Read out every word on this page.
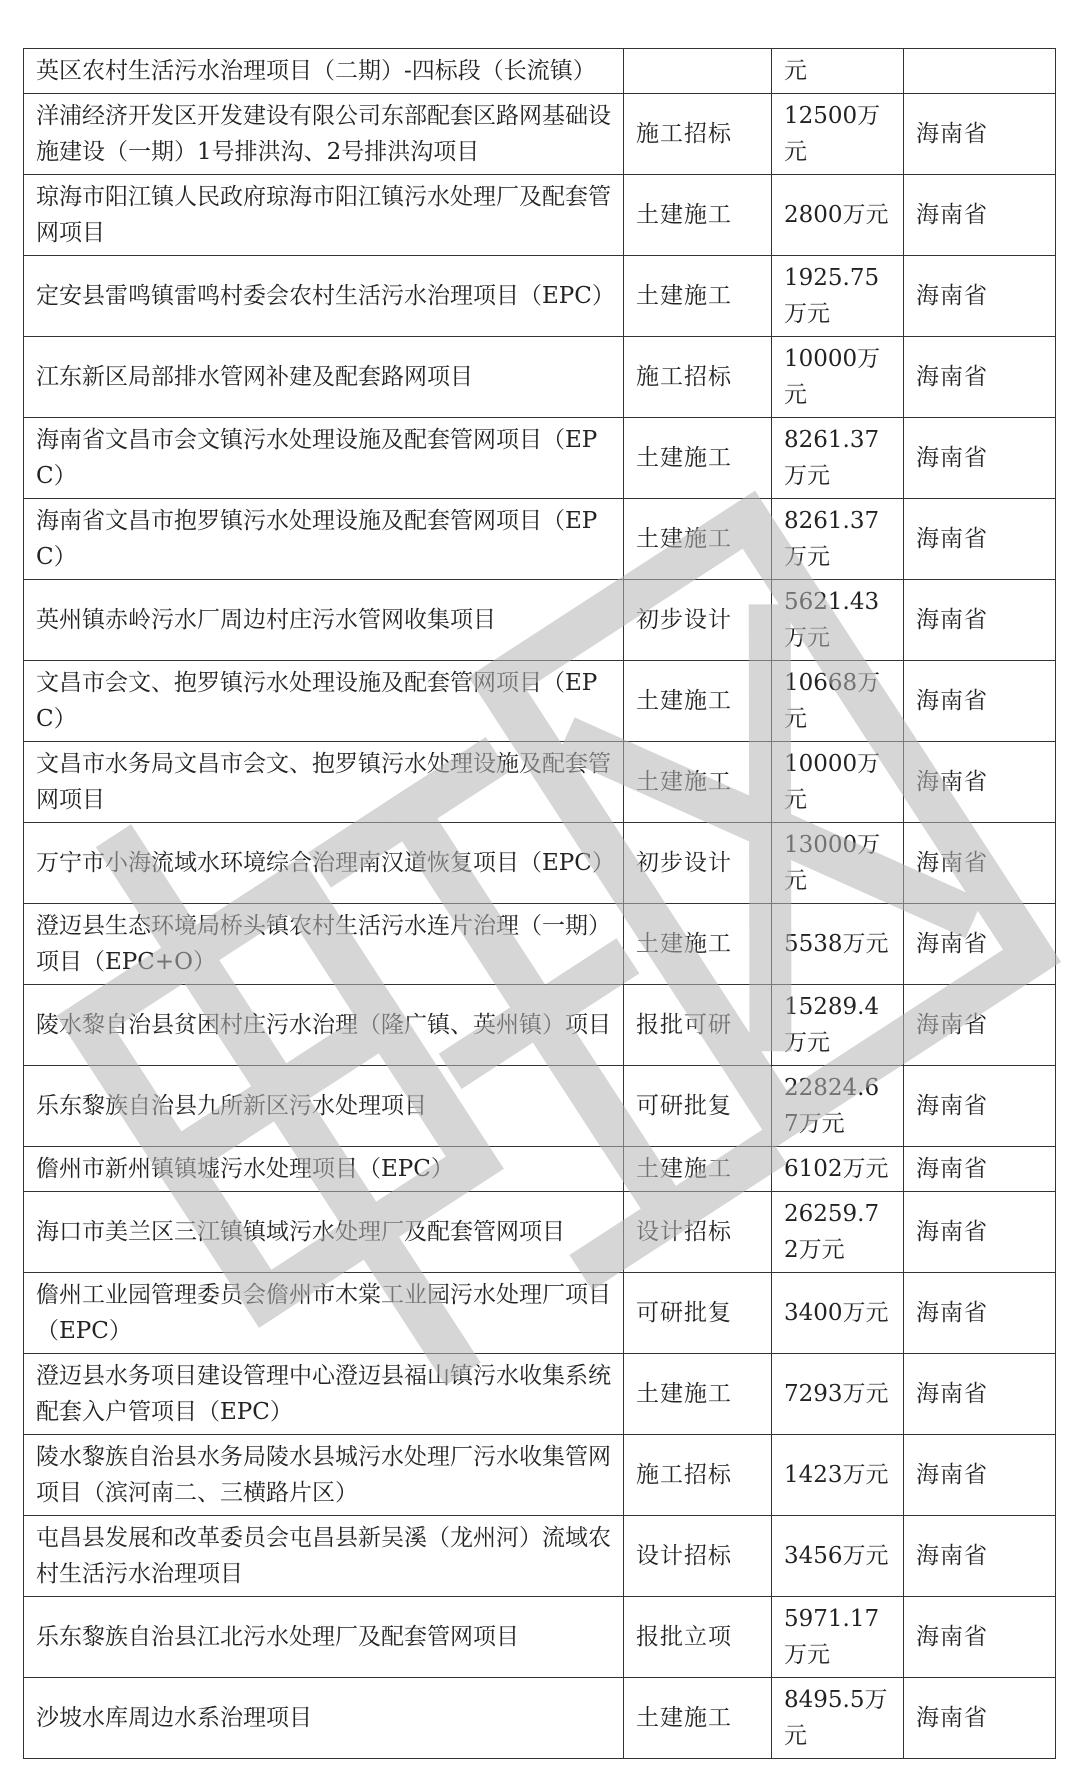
英区农村生活污水治理项目（二期）-四标段（长流镇）		元	
洋浦经济开发区开发建设有限公司东部配套区路网基础设施建设（一期）1号排洪沟、2号排洪沟项目	施工招标	12500万元	海南省
琼海市阳江镇人民政府琼海市阳江镇污水处理厂及配套管网项目	土建施工	2800万元	海南省
定安县雷鸣镇雷鸣村委会农村生活污水治理项目（EPC）	土建施工	1925.75万元	海南省
江东新区局部排水管网补建及配套路网项目	施工招标	10000万元	海南省
海南省文昌市会文镇污水处理设施及配套管网项目（EPC）	土建施工	8261.37万元	海南省
海南省文昌市抱罗镇污水处理设施及配套管网项目（EPC）	土建施工	8261.37万元	海南省
英州镇赤岭污水厂周边村庄污水管网收集项目	初步设计	5621.43万元	海南省
文昌市会文、抱罗镇污水处理设施及配套管网项目（EPC）	土建施工	10668万元	海南省
文昌市水务局文昌市会文、抱罗镇污水处理设施及配套管网项目	土建施工	10000万元	海南省
万宁市小海流域水环境综合治理南汉道恢复项目（EPC）	初步设计	13000万元	海南省
澄迈县生态环境局桥头镇农村生活污水连片治理（一期）项目（EPC+O）	土建施工	5538万元	海南省
陵水黎自治县贫困村庄污水治理（隆广镇、英州镇）项目	报批可研	15289.4万元	海南省
乐东黎族自治县九所新区污水处理项目	可研批复	22824.67万元	海南省
儋州市新州镇镇墟污水处理项目（EPC）	土建施工	6102万元	海南省
海口市美兰区三江镇镇域污水处理厂及配套管网项目	设计招标	26259.72万元	海南省
儋州工业园管理委员会儋州市木棠工业园污水处理厂项目（EPC）	可研批复	3400万元	海南省
澄迈县水务项目建设管理中心澄迈县福山镇污水收集系统配套入户管项目（EPC）	土建施工	7293万元	海南省
陵水黎族自治县水务局陵水县城污水处理厂污水收集管网项目（滨河南二、三横路片区）	施工招标	1423万元	海南省
屯昌县发展和改革委员会屯昌县新吴溪（龙州河）流域农村生活污水治理项目	设计招标	3456万元	海南省
乐东黎族自治县江北污水处理厂及配套管网项目	报批立项	5971.17万元	海南省
沙坡水库周边水系治理项目	土建施工	8495.5万元	海南省
